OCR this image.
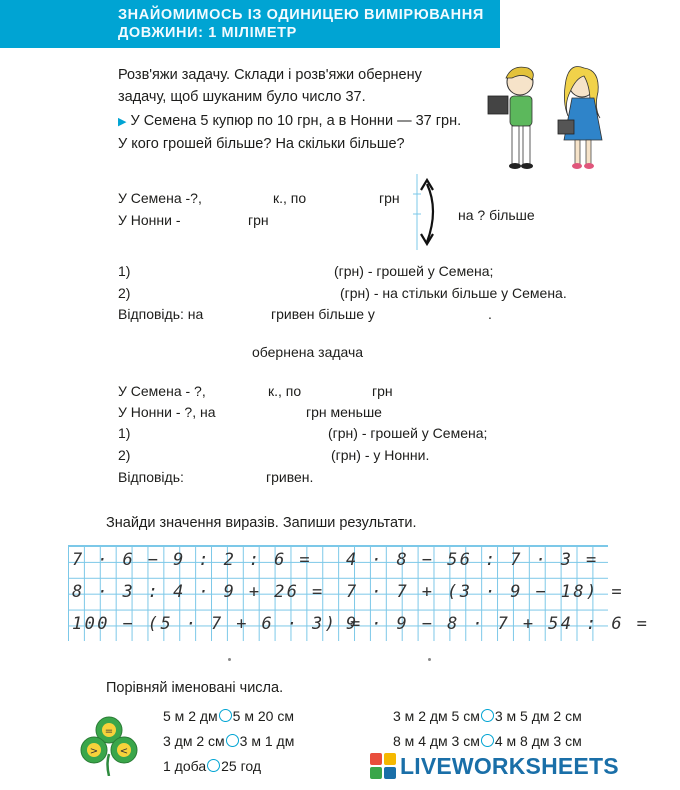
ЗНАЙОМИМОСЬ ІЗ ОДИНИЦЕЮ ВИМІРЮВАННЯ
ДОВЖИНИ: 1 МІЛІМЕТР
Розв'яжи задачу. Склади і розв'яжи обернену задачу, щоб шуканим було число 37.
▶ У Семена 5 купюр по 10 грн, а в Нонни — 37 грн. У кого грошей більше? На скільки більше?
У Семена -?,	к., по	грн
У Нонни -	грн	на ? більше
1)	(грн) - грошей у Семена;
2)	(грн) - на стільки більше у Семена.
Відповідь: на	гривен більше у	.
обернена задача
У Семена - ?,	к., по	грн
У Нонни - ?, на	грн меньше
1)	(грн) - грошей у Семена;
2)	(грн) - у Нонни.
Відповідь:	гривен.
Знайди значення виразів. Запиши результати.
7 · 6 − 9 : 2 : 6 =
8 · 3 : 4 · 9 + 26 =
100 − (5 · 7 + 6 · 3) =
4 · 8 − 56 : 7 · 3 =
7 · 7 + (3 · 9 − 18) =
9 · 9 − 8 · 7 + 54 : 6 =
Порівняй іменовані числа.
=
> <
5 м 2 дм 5 м 20 см
3 дм 2 см 3 м 1 дм
1 доба 25 год
3 м 2 дм 5 см 3 м 5 дм 2 см
8 м 4 дм 3 см 4 м 8 дм 3 см
LIVEWORKSHEETS
